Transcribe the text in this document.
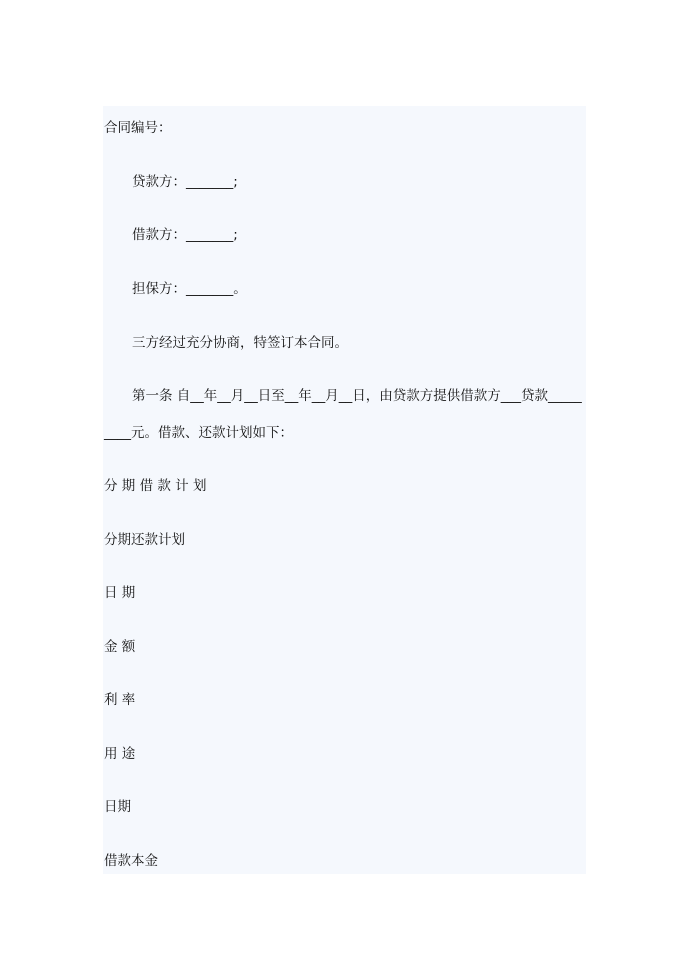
合同编号：
贷款方：_______;
借款方：_______;
担保方：_______。
三方经过充分协商，特签订本合同。
第一条 自__年__月__日至__年__月__日，由贷款方提供借款方___贷款_____
____元。借款、还款计划如下：
分 期 借 款 计 划
分期还款计划
日 期
金 额
利 率
用 途
日期
借款本金
